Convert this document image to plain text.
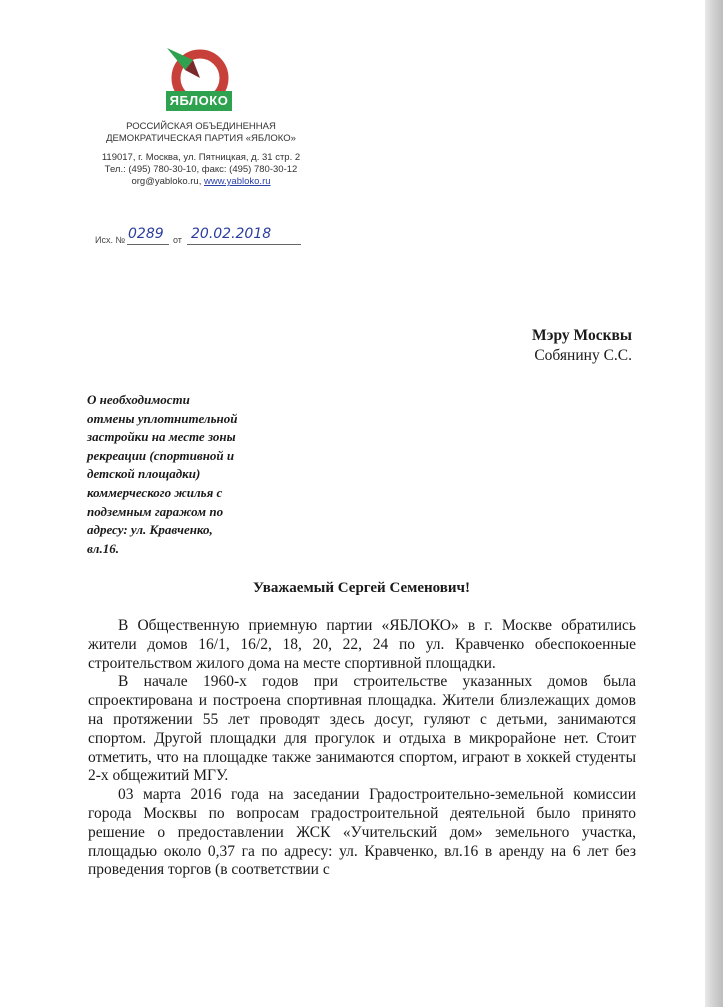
ЯБЛОКО
РОССИЙСКАЯ ОБЪЕДИНЕННАЯ
ДЕМОКРАТИЧЕСКАЯ ПАРТИЯ «ЯБЛОКО»
119017, г. Москва, ул. Пятницкая, д. 31 стр. 2
Тел.: (495) 780-30-10, факс: (495) 780-30-12
org@yabloko.ru, www.yabloko.ru
Исх. № 0289 от 20.02.2018
Мэру Москвы
Собянину С.С.
О необходимости
отмены уплотнительной
застройки на месте зоны
рекреации (спортивной и
детской площадки)
коммерческого жилья с
подземным гаражом по
адресу: ул. Кравченко,
вл.16.
Уважаемый Сергей Семенович!

В Общественную приемную партии «ЯБЛОКО» в г. Москве обратились жители домов 16/1, 16/2, 18, 20, 22, 24 по ул. Кравченко обеспокоенные строительством жилого дома на месте спортивной площадки.

В начале 1960-х годов при строительстве указанных домов была спроектирована и построена спортивная площадка. Жители близлежащих домов на протяжении 55 лет проводят здесь досуг, гуляют с детьми, занимаются спортом. Другой площадки для прогулок и отдыха в микрорайоне нет. Стоит отметить, что на площадке также занимаются спортом, играют в хоккей студенты 2-х общежитий МГУ.

03 марта 2016 года на заседании Градостроительно-земельной комиссии города Москвы по вопросам градостроительной деятельной было принято решение о предоставлении ЖСК «Учительский дом» земельного участка, площадью около 0,37 га по адресу: ул. Кравченко, вл.16 в аренду на 6 лет без проведения торгов (в соответствии с
